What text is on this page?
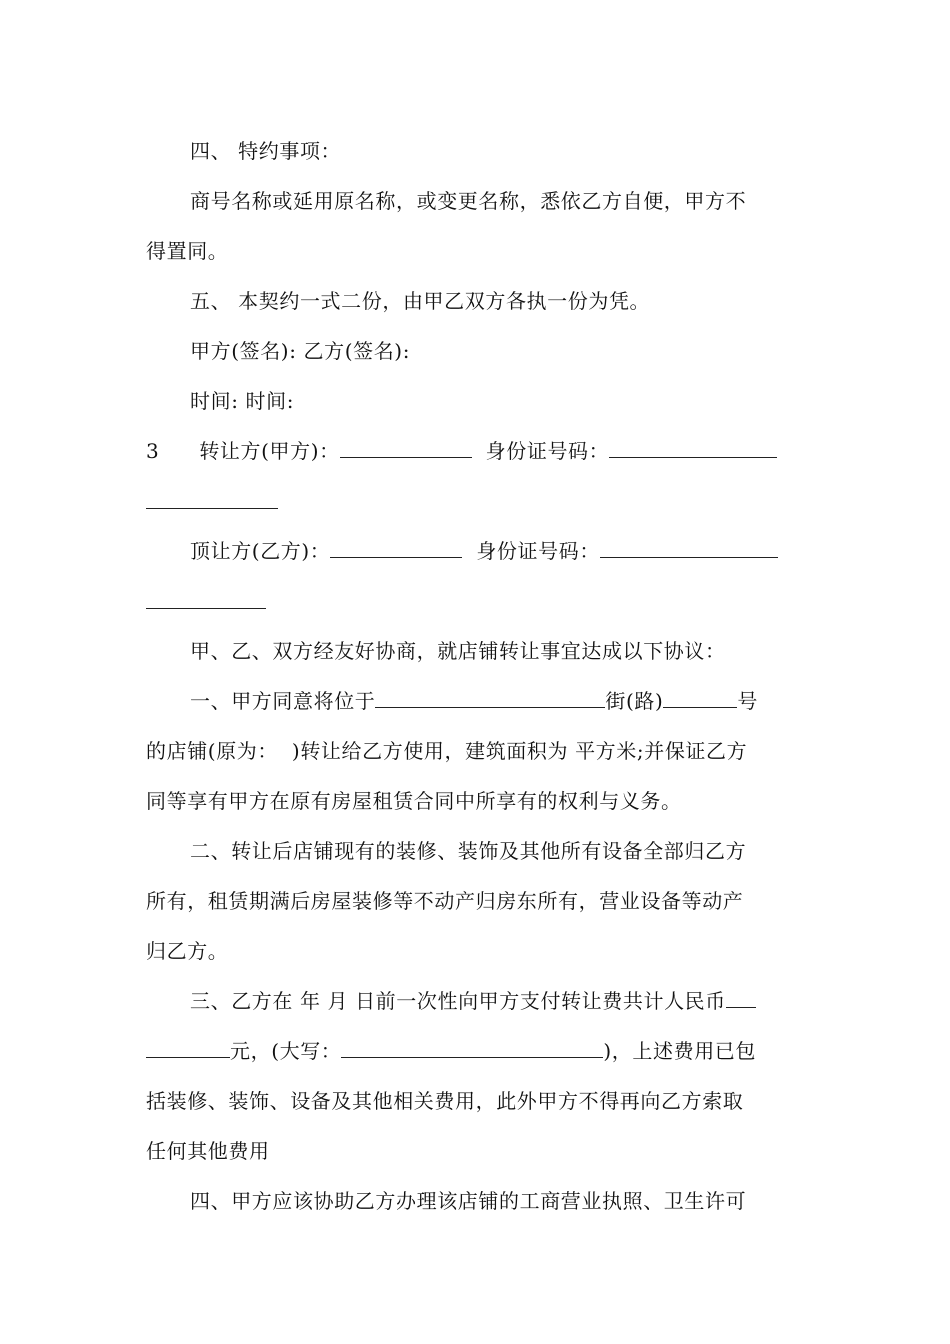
四、 特约事项：
商号名称或延用原名称，或变更名称，悉依乙方自便，甲方不
得置同。
五、 本契约一式二份，由甲乙双方各执一份为凭。
甲方(签名): 乙方(签名):
时间: 时间:
3 转让方(甲方)：	身份证号码：
顶让方(乙方)：	身份证号码：
甲、乙、双方经友好协商，就店铺转让事宜达成以下协议：
一、甲方同意将位于	街(路)	号
的店铺(原为：  )转让给乙方使用，建筑面积为 平方米;并保证乙方
同等享有甲方在原有房屋租赁合同中所享有的权利与义务。
二、转让后店铺现有的装修、装饰及其他所有设备全部归乙方
所有，租赁期满后房屋装修等不动产归房东所有，营业设备等动产
归乙方。
三、乙方在 年 月 日前一次性向甲方支付转让费共计人民币
元，(大写：	)，上述费用已包
括装修、装饰、设备及其他相关费用，此外甲方不得再向乙方索取
任何其他费用
四、甲方应该协助乙方办理该店铺的工商营业执照、卫生许可
